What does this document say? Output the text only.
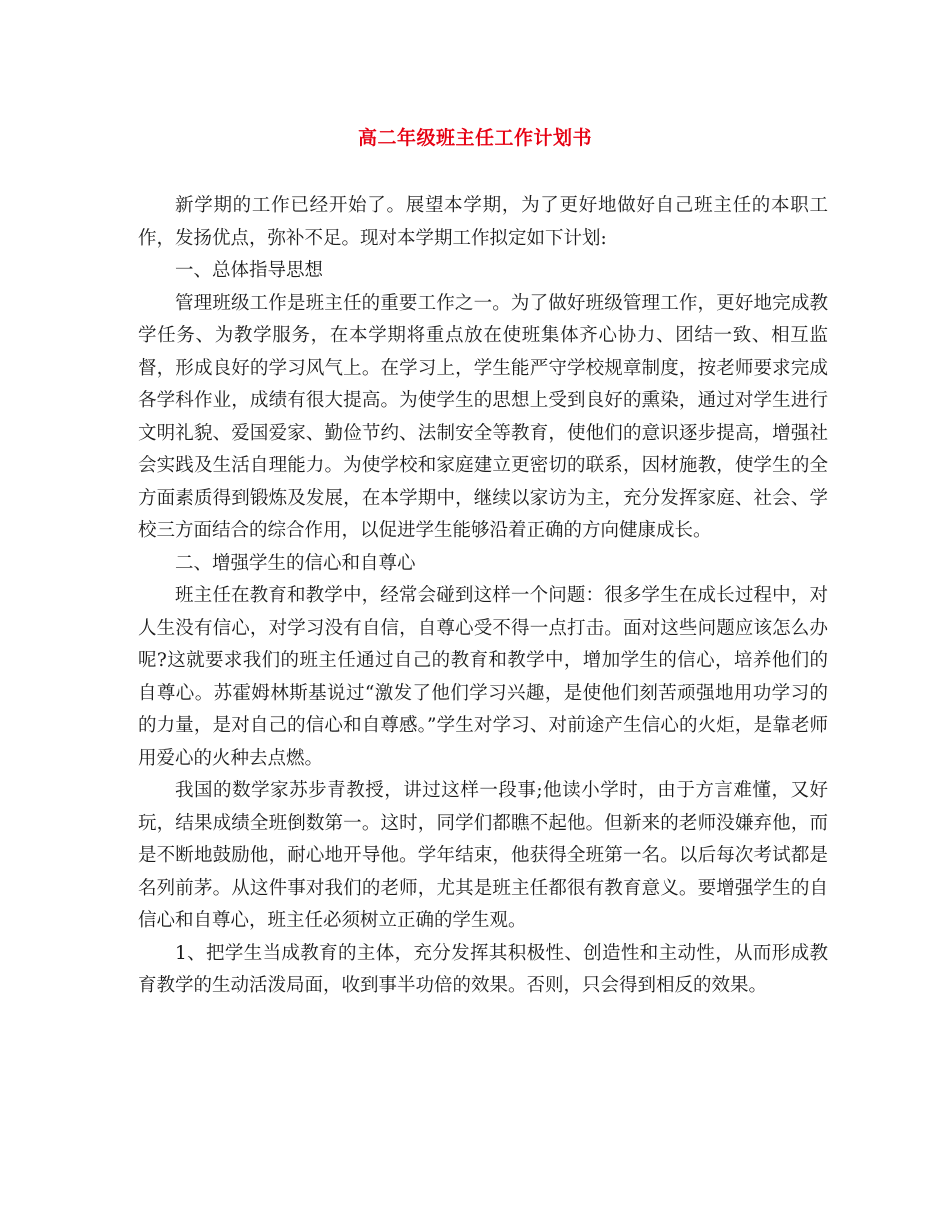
高二年级班主任工作计划书

新学期的工作已经开始了。展望本学期，为了更好地做好自己班主任的本职工作，发扬优点，弥补不足。现对本学期工作拟定如下计划:

一、总体指导思想

管理班级工作是班主任的重要工作之一。为了做好班级管理工作，更好地完成教学任务、为教学服务，在本学期将重点放在使班集体齐心协力、团结一致、相互监督，形成良好的学习风气上。在学习上，学生能严守学校规章制度，按老师要求完成各学科作业，成绩有很大提高。为使学生的思想上受到良好的熏染，通过对学生进行文明礼貌、爱国爱家、勤俭节约、法制安全等教育，使他们的意识逐步提高，增强社会实践及生活自理能力。为使学校和家庭建立更密切的联系，因材施教，使学生的全方面素质得到锻炼及发展，在本学期中，继续以家访为主，充分发挥家庭、社会、学校三方面结合的综合作用，以促进学生能够沿着正确的方向健康成长。

二、增强学生的信心和自尊心

班主任在教育和教学中，经常会碰到这样一个问题：很多学生在成长过程中，对人生没有信心，对学习没有自信，自尊心受不得一点打击。面对这些问题应该怎么办呢?这就要求我们的班主任通过自己的教育和教学中，增加学生的信心，培养他们的自尊心。苏霍姆林斯基说过“激发了他们学习兴趣，是使他们刻苦顽强地用功学习的的力量，是对自己的信心和自尊感。”学生对学习、对前途产生信心的火炬，是靠老师用爱心的火种去点燃。

我国的数学家苏步青教授，讲过这样一段事;他读小学时，由于方言难懂，又好玩，结果成绩全班倒数第一。这时，同学们都瞧不起他。但新来的老师没嫌弃他，而是不断地鼓励他，耐心地开导他。学年结束，他获得全班第一名。以后每次考试都是名列前茅。从这件事对我们的老师，尤其是班主任都很有教育意义。要增强学生的自信心和自尊心，班主任必须树立正确的学生观。

1、把学生当成教育的主体，充分发挥其积极性、创造性和主动性，从而形成教育教学的生动活泼局面，收到事半功倍的效果。否则，只会得到相反的效果。
